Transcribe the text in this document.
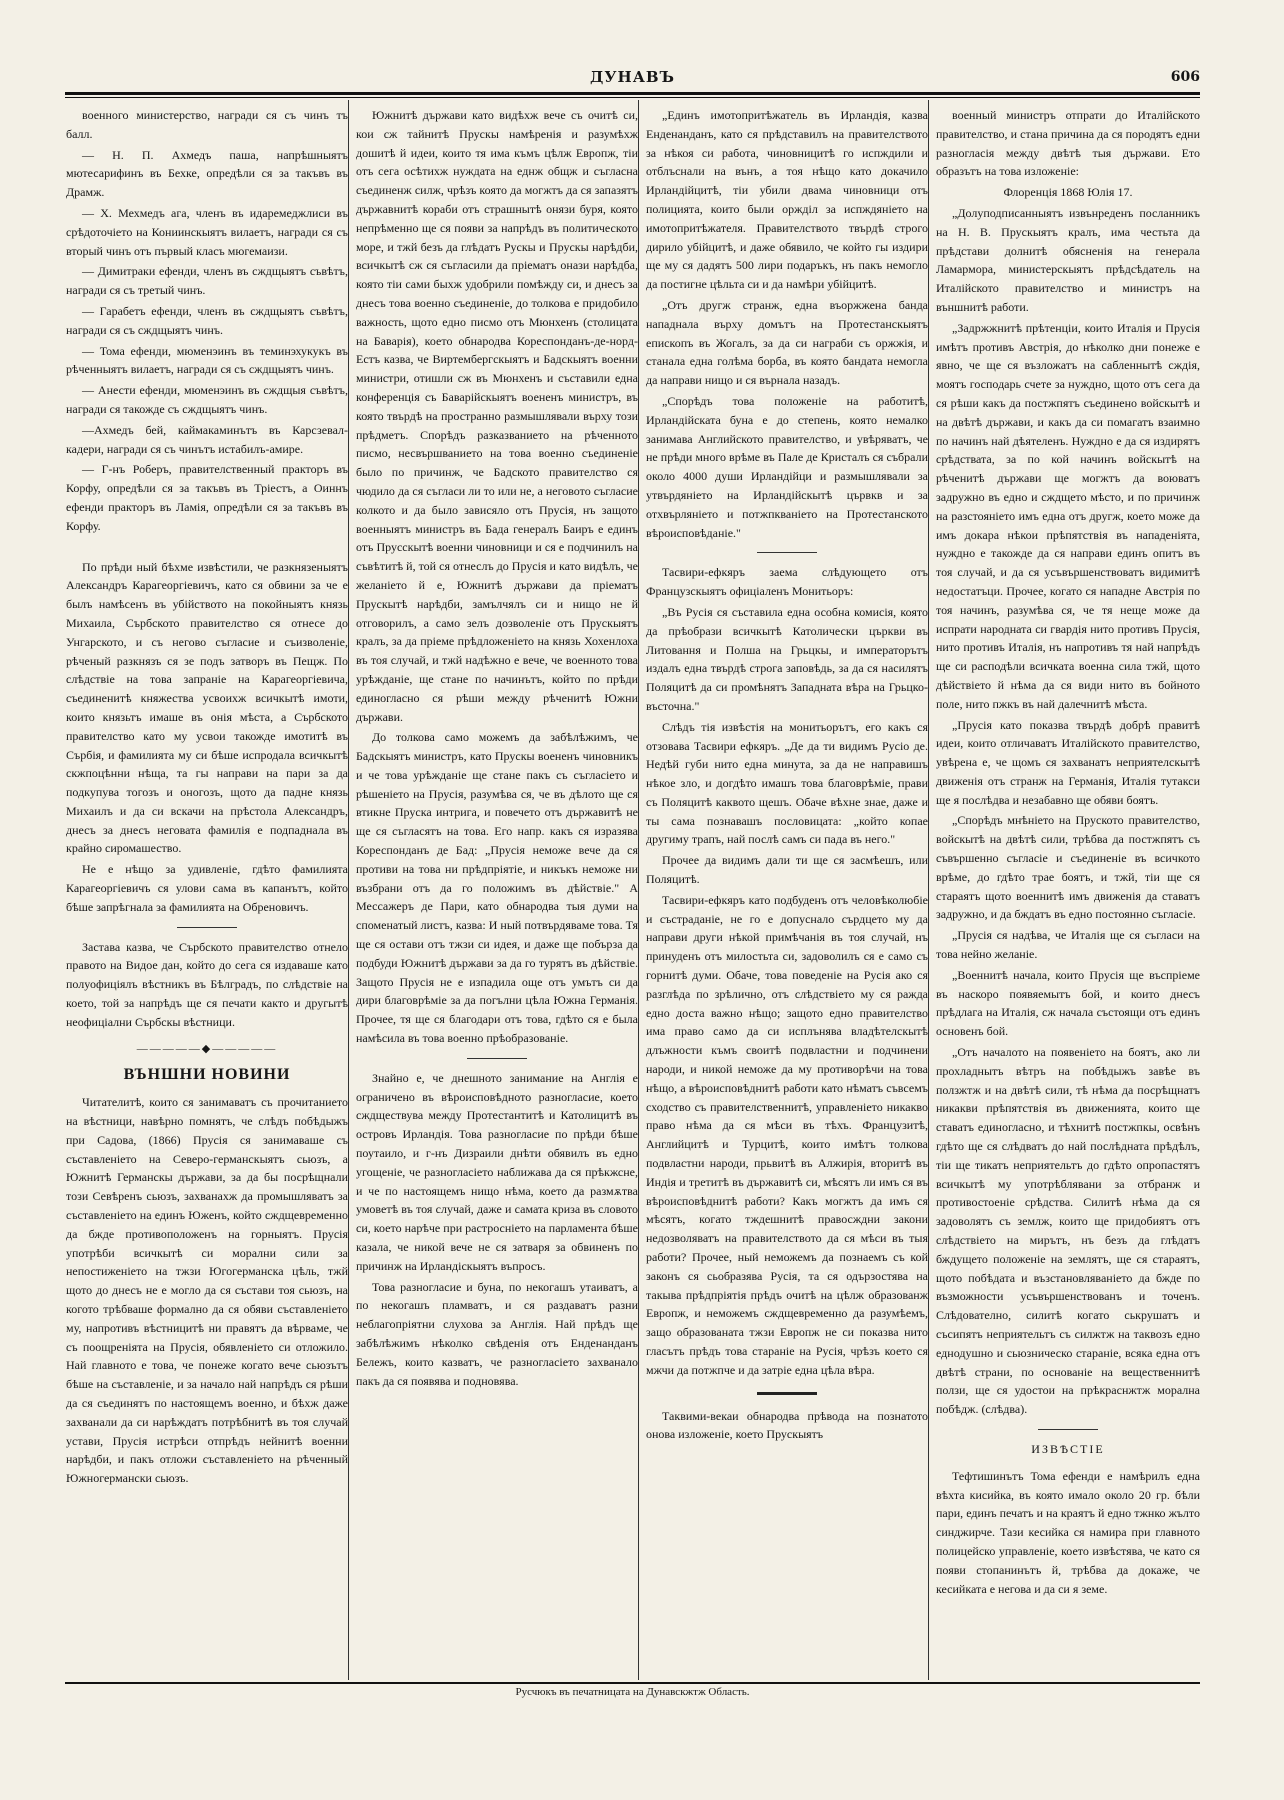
ДУНАВЪ	606

военного министерство, награди ся съ чинъ тъ балл.

— Н. П. Ахмедъ паша, напрѣшныятъ мютесарифинъ въ Бехке, опредѣли ся за такъвъ въ Драмж.

— Х. Мехмедъ ага, членъ въ идаремеджлиси въ срѣдоточіето на Кониинскыятъ вилаетъ, награди ся съ вторый чинъ отъ първый класъ мюгемаизи.

— Димитраки ефенди, членъ въ сждщыятъ съвѣтъ, награди ся съ третый чинъ.

— Гарабетъ ефенди, членъ въ сждщыятъ съвѣтъ, награди ся съ сждщыятъ чинъ.

— Тома ефенди, мюменэинъ въ теминэхукукъ въ рѣченныятъ вилаетъ, награди ся съ сждщыятъ чинъ.

— Анести ефенди, мюменэинъ въ сждщыя съвѣтъ, награди ся такожде съ сждщыятъ чинъ.

—Ахмедъ бей, каймакаминътъ въ Карсзевал-кадери, награди ся съ чинътъ истабилъ-амире.

— Г-нъ Роберъ, правителственный практоръ въ Корфу, опредѣли ся за такъвъ въ Тріестъ, а Оиннъ ефенди практоръ въ Ламія, опредѣли ся за такъвъ въ Корфу.

По прѣди ный бѣхме извѣстили, че разкнязеныятъ Александръ Карагеоргіевичъ, като ся обвини за че е былъ намѣсенъ въ убійството на покойныятъ князь Михаила, Сърбското правителство ся отнесе до Унгарското, и съ негово съгласие и съизволеніе, рѣченый разкнязъ ся зе подъ затворъ въ Пещж. По слѣдствіе на това запраніе на Карагеоргіевича, съединенитѣ княжества усвоихж всичкытѣ имоти, които князьтъ имаше въ онія мѣста, а Сърбското правителство като му усвои такожде имотитѣ въ Сърбія, и фамилията му си бѣше испродала всичкытѣ скжпоцѣнни нѣща, та гы направи на пари за да подкупува тогозъ и оногозъ, щото да падне князь Михаилъ и да си вскачи на прѣстола Александръ, днесъ за днесъ неговата фамилія е подпаднала въ крайно сиромашество.

Не е нѣщо за удивленіе, гдѣто фамилията Карагеоргіевичъ ся улови сама въ капанътъ, който бѣше запрѣгнала за фамилията на Обреновичъ.

Застава казва, че Сърбското правителство отнело правото на Видое дан, който до сега ся издаваше като полуофицiялъ вѣстникъ въ Бѣлградъ, по слѣдствіе на което, той за напрѣдъ ще ся печати както и другытѣ неофиціални Сърбскы вѣстници.

—————◆—————
ВЪНШНИ НОВИНИ

Читателитѣ, които ся занимаватъ съ прочитанието на вѣстници, навѣрно помнятъ, че слѣдъ побѣдыжъ при Садова, (1866) Прусія ся занимаваше съ съставленіето на Северо-германскыятъ сьюзъ, а Южнитѣ Германскы държави, за да бы посрѣщнали този Севѣренъ сьюзъ, захванахж да промышляватъ за съставленіето на единъ Юженъ, който сждщевременно да бжде противоположенъ на горныятъ. Прусія употрѣби всичкытѣ си морални сили за непостиженіето на тжзи Югогерманска цѣль, тжй щото до днесъ не е могло да ся състави тоя сьюзъ, на когото трѣбваше формално да ся обяви съставленіето му, напротивъ вѣстницитѣ ни правятъ да вѣрваме, че съ поощреніята на Прусія, обявленіето си отложило. Най главното е това, че понеже когато вече сьюзътъ бѣше на съставленіе, и за начало най напрѣдъ ся рѣши да ся съединятъ по настоящемъ военно, и бѣхж даже захванали да си нарѣждатъ потрѣбнитѣ въ тоя случай устави, Прусія истрѣси отпрѣдъ нейнитѣ военни нарѣдби, и пакъ отложи съставленіето на рѣченный Южногермански сьюзъ.

Южнитѣ държави като видѣхж вече съ очитѣ си, кои сж тайнитѣ Прускы намѣренія и разумѣхж дошитѣ й идеи, които тя има къмъ цѣлж Европж, тіи отъ сега осѣтихж нуждата на еднж общж и съгласна съединенж силж, чрѣзъ която да могжтъ да ся запазятъ държавнитѣ кораби отъ страшнытѣ онязи буря, която непрѣменно ще ся появи за напрѣдъ въ политическото море, и тжй безъ да глѣдатъ Рускы и Прускы нарѣдби, всичкытѣ сж ся съгласили да пріематъ онази нарѣдба, която тіи сами быхж удобрили помѣждy си, и днесъ за днесъ това военно съединеніе, до толкова е придобило важность, щото едно писмо отъ Мюнхенъ (столицата на Баварія), което обнародва Кореспонданъ-де-норд-Естъ казва, че Виртембергскыятъ и Бадскыятъ военни министри, отишли сж въ Мюнхенъ и съставили една конференція съ Баварійскыятъ воененъ министръ, въ която твърдѣ на пространно размышлявали върху този прѣдметъ. Спорѣдъ разказванието на рѣченното писмо, несвършванието на това военно съединеніе было по причинж, че Бадското правителство ся чюдило да ся съгласи ли то или не, а неговото съгласие колкото и да было зависяло отъ Прусія, нъ защото военныятъ министръ въ Бада генералъ Баиръ е единъ отъ Прусскытѣ военни чиновници и ся е подчинилъ на съвѣтитѣ й, той ся отнеслъ до Прусія и като видѣлъ, че желаніето й е, Южнитѣ държави да пріематъ Прускытѣ нарѣдби, замълчялъ си и нищо не й отговорилъ, а само зелъ дозволеніе отъ Прускыятъ кралъ, за да пріеме прѣдложеніето на князь Хохенлоха въ тоя случай, и тжй надѣжно е вече, че военното това урѣжданіе, ще стане по начинътъ, който по прѣди единогласно ся рѣши между рѣченитѣ Южни държави.

До толкова само можемъ да забѣлѣжимъ, че Бадскыятъ министръ, като Прускы воененъ чиновникъ и че това урѣжданіе ще стане пакъ съ съгласіето и рѣшеніето на Прусія, разумѣва ся, че въ дѣлото ще ся втикне Пруска интрига, и повечето отъ държавитѣ не ще ся съгласятъ на това. Его напр. какъ ся изразява Кореспонданъ де Бад: „Прусія неможе вече да ся противи на това ни прѣдпріятіе, и никъкъ неможе ни възбрани отъ да го положимъ въ дѣйствіе." А Мессажеръ де Пари, като обнародва тыя думи на споменатый листъ, казва: И ный потвърдяваме това. Тя ще ся остави отъ тжзи си идея, и даже ще побърза да подбуди Южнитѣ държави за да го турятъ въ дѣйствіе. Защото Прусія не е изпадила още отъ умътъ си да дири благоврѣміе за да погълни цѣла Южна Германія. Прочее, тя ще ся благодари отъ това, гдѣто ся е была намѣсила въ това военно прѣобразованіе.

Знайно е, че днешното занимание на Англія е ограничено въ вѣроисповѣдното разногласие, което сждществува между Протестантитѣ и Католицитѣ въ островъ Ирландія. Това разногласие по прѣди бѣше поутаило, и г-нъ Дизраили днѣти обявилъ въ едно угощеніе, че разногласіето наближава да ся прѣкжсне, и че по настоящемъ нищо нѣма, което да размѫтва умоветѣ въ тоя случай, даже и самата криза въ словото си, което нарѣче при растросніето на парламента бѣше казала, че никой вече не ся затваря за обвиненъ по причинж на Ирландіскыятъ въпросъ.

Това разногласие и буна, по некогашъ утаиватъ, а по некогашъ пламватъ, и ся раздаватъ разни неблагопріятни слухова за Англія. Най прѣдъ ще забѣлѣжимъ нѣколко свѣденія отъ Енденанданъ Бележъ, които казватъ, че разногласіето захванало пакъ да ся появява и подновява.

„Единъ имотопритѣжатель въ Ирландія, казва Енденанданъ, като ся прѣдставилъ на правителството за нѣкоя си работа, чиновницитѣ го испждили и отблъснали на вънъ, а тоя нѣщо като докачило Ирландійцитѣ, тіи убили двама чиновници отъ полицията, които были оржділ за испждяніето на имотопритѣжателя. Правителството твърдѣ строго дирило убійцитѣ, и даже обявило, че който гы издири ще му ся дадятъ 500 лири подаръкъ, нъ пакъ немогло да постигне цѣльта си и да намѣри убійцитѣ.

„Отъ другж странж, една въоржжена банда нападнала върху домътъ на Протестанскыятъ епископъ въ Жогалъ, за да си награби съ оржжія, и станала една голѣма борба, въ която бандата немогла да направи нищо и ся върнала назадъ.

„Спорѣдъ това положеніе на работитѣ, Ирландійската буна е до степень, която немалко занимава Английското правителство, и увѣряватъ, че не прѣди много врѣме въ Пале де Кристалъ ся събрали около 4000 души Ирландійци и размышлявали за утвърдяніето на Ирландійскытѣ цървкв и за отхвърляніето и потжпкваніето на Протестанското вѣроисповѣданіе."

Тасвири-ефкяръ заема слѣдующето отъ Французскыятъ офиціаленъ Монитьоръ:

„Въ Русія ся съставила една особна комисія, която да прѣобрази всичкытѣ Католически църкви въ Литовання и Полша на Грьцкы, и императорътъ издалъ една твърдѣ строга заповѣдь, за да ся насилятъ Поляцитѣ да си промѣнятъ Западната вѣра на Грьцко-въсточна."

Слѣдъ тія извѣстія на монитьорътъ, его какъ ся отзовава Тасвири ефкяръ. „Де да ти видимъ Русіо де. Недѣй губи нито една минута, за да не направишъ нѣкое зло, и догдѣто имашъ това благоврѣміе, прави съ Поляцитѣ каквото щешъ. Обаче вѣхне знае, даже и ты сама познавашъ пословицата: „който копае другиму трапъ, най послѣ самъ си пада въ него."

Прочее да видимъ дали ти ще ся засмѣешъ, или Поляцитѣ.

Тасвири-ефкяръ като подбуденъ отъ человѣколюбіе и състраданіе, не го е допуснало сърдцето му да направи други нѣкой примѣчанія въ тоя случай, нъ принуденъ отъ милостьта си, задоволилъ ся е само съ горнитѣ думи. Обаче, това поведеніе на Русія ако ся разглѣда по зрѣлично, отъ слѣдствіето му ся ражда едно доста важно нѣщо; защото едно правителство има право само да си исплънява владѣтелскытѣ длъжности къмъ своитѣ подвластни и подчинени народи, и никой неможе да му противорѣчи на това нѣщо, а вѣроисповѣднитѣ работи като нѣматъ съвсемъ сходство съ правителственнитѣ, управленіето никакво право нѣма да ся мѣси въ тѣхъ. Французитѣ, Английцитѣ и Турцитѣ, които имѣтъ толкова подвластни народи, прьвитѣ въ Алжирія, вторитѣ въ Индія и третитѣ въ държавитѣ си, мѣсятъ ли имъ ся въ вѣроисповѣднитѣ работи? Какъ могжтъ да имъ ся мѣсятъ, когато тждешнитѣ правосждни закони недозволяватъ на правителството да ся мѣси въ тыя работи? Прочее, ный неможемъ да познаемъ съ кой законъ ся сьобразява Русія, та ся одързостява на такыва прѣдпріятія прѣдъ очитѣ на цѣлж образованж Европж, и неможемъ сждщевременно да разумѣемъ, защо образованата тжзи Европж не си показва нито гласътъ прѣдъ това стараніе на Русія, чрѣзъ което ся мжчи да потжпче и да затріе една цѣла вѣра.

Таквими-векаи обнародва прѣвода на познатото онова изложеніе, което Прускыятъ

военный министръ отпрати до Италійското правителство, и стана причина да ся породятъ едни разногласія между двѣтѣ тыя държави. Ето образътъ на това изложеніе:

Флоренція 1868 Юлія 17.

„Долуподписанныятъ извънреденъ посланникъ на Н. В. Прускыятъ кралъ, има честьта да прѣдстави долнитѣ обясненія на генерала Ламармора, министерскыятъ прѣдсѣдатель на Италійското правителство и министръ на външнитѣ работи.

„Задржжнитѣ прѣтенціи, които Италія и Прусія имѣтъ противъ Австрія, до нѣколко дни понеже е явно, че ще ся възложатъ на сабленнытѣ сждія, моятъ господарь счете за нуждно, щото отъ сега да ся рѣши какъ да постжпятъ съединено войскытѣ и на двѣтѣ държави, и какъ да си помагатъ взаимно по начинъ най дѣятеленъ. Нуждно е да ся издирятъ срѣдствата, за по кой начинъ войскытѣ на рѣченитѣ държави ще могжтъ да воюватъ задружно въ едно и сждщето мѣсто, и по причинж на разстояніето имъ една отъ другж, което може да имъ докара нѣкои прѣпятствія въ нападеніята, нуждно е такожде да ся направи единъ опитъ въ тоя случай, и да ся усъвършенствоватъ видимитѣ недостатъци. Прочее, когато ся нападне Австрія по тоя начинъ, разумѣва ся, че тя неще може да испрати народната си гвардія нито противъ Прусія, нито противъ Италія, нъ напротивъ тя най напрѣдъ ще си расподѣли всичката военна сила тжй, щото дѣйствіето й нѣма да ся види нито въ бойното поле, нито пжкъ въ най далечнитѣ мѣста.

„Прусія като показва твърдѣ добрѣ правитѣ идеи, които отличаватъ Италійското правителство, увѣрена е, че щомъ ся захванатъ неприятелскытѣ движенія отъ странж на Германія, Италія тутакси ще я послѣдва и незабавно ще обяви боятъ.

„Спорѣдъ мнѣніето на Прускотo правителство, войскытѣ на двѣтѣ сили, трѣбва да постжпятъ съ съвършенно съгласіе и съединеніе въ всичкото врѣме, до гдѣто трае боятъ, и тжй, тіи ще ся стараятъ щото военнитѣ имъ движенія да ставатъ задружно, и да бждатъ въ едно постоянно съгласіе.

„Прусія ся надѣва, че Италія ще ся съгласи на това нейно желаніе.

„Военнитѣ начала, които Прусія ще въспріеме въ наскоро появяемытъ бой, и които днесъ прѣдлага на Италія, сж начала състоящи отъ единъ основенъ бой.

„Отъ началото на появеніето на боятъ, ако ли прохладнытъ вѣтръ на побѣдыжъ завѣе въ ползжтж и на двѣтѣ сили, тѣ нѣма да посрѣщнатъ никакви прѣпятствія въ движенията, които ще ставатъ единогласно, и тѣхнитѣ постжпкы, освѣнъ гдѣто ще ся слѣдватъ до най послѣдната прѣдѣлъ, тіи ще тикатъ неприятельтъ до гдѣто опропастятъ всичкытѣ му употрѣблявани за отбранж и противостоеніе срѣдства. Силитѣ нѣма да ся задоволятъ съ землж, които ще придобиятъ отъ слѣдствіето на мирътъ, нъ безъ да глѣдатъ бждущето положеніе на землятъ, ще ся стараятъ, щото побѣдата и възстановляваніето да бжде по възможности усъвършенствованъ и точенъ. Слѣдователно, силитѣ когато ськрушатъ и съсипятъ неприятельтъ съ силжтж на таквозъ едно еднодушно и сьюзническо стараніе, всяка една отъ двѣтѣ страни, по основаніе на вещественнитѣ ползи, ще ся удостои на прѣкраснжтж морална побѣдж. (слѣдва).

ИЗВѢСТІЕ

Тефтишинътъ Тома ефенди е намѣрилъ една вѣхта кисийка, въ която имало около 20 гр. бѣли пари, единъ печатъ и на краятъ й едно тжнко жълто синджирче. Тази кесийка ся намира при главното полицейско управленіе, което извѣстява, че като ся появи стопанинътъ й, трѣбва да докаже, че кесийката е негова и да си я земе.

Русчюкъ въ печатницата на Дунавскжтж Область.
